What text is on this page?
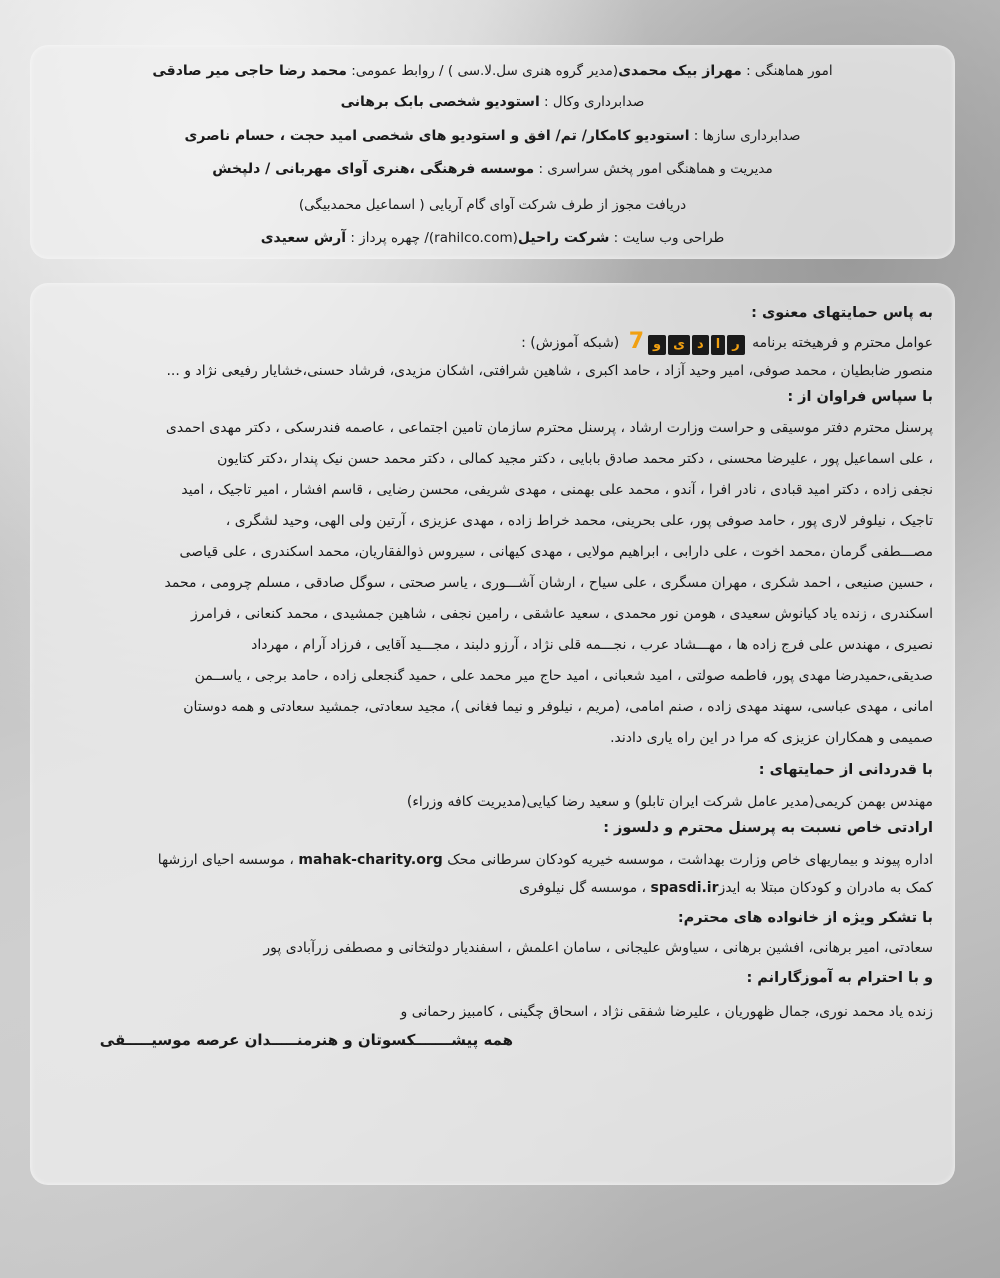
امور هماهنگی : مهراز بیک محمدی(مدیر گروه هنری سل.لا.سی ) / روابط عمومی: محمد رضا حاجی میر صادقی
صدابرداری وکال : استودیو شخصی بابک برهانی
صدابرداری سازها : استودیو کامکار/ تم/ افق و استودیو های شخصی امید حجت ، حسام ناصری
مدیریت و هماهنگی امور پخش سراسری : موسسه فرهنگی ،هنری آوای مهربانی / دلپخش
دریافت مجوز از طرف شرکت آوای گام آریایی ( اسماعیل محمدبیگی)
طراحی وب سایت : شرکت راحیل(rahilco.com)/ چهره پرداز : آرش سعیدی

به پاس حمایتهای معنوی :

عوامل محترم و فرهیخته برنامه 7 و ی د ا ر (شبکه آموزش) :
منصور ضابطیان ، محمد صوفی، امیر وحید آزاد ، حامد اکبری ، شاهین شرافتی، اشکان مزیدی، فرشاد حسنی،خشایار رفیعی نژاد و ...

با سپاس فراوان از :

پرسنل محترم دفتر موسیقی و حراست وزارت ارشاد ، پرسنل محترم سازمان تامین اجتماعی ، عاصمه فندرسکی ، دکتر مهدی احمدی
، علی اسماعیل پور ، علیرضا محسنی ، دکتر محمد صادق بابایی ، دکتر مجید کمالی ، دکتر محمد حسن نیک پندار ،دکتر کتایون
نجفی زاده ، دکتر امید قبادی ، نادر افرا ، آندو ، محمد علی بهمنی ، مهدی شریفی، محسن رضایی ، قاسم افشار ، امیر تاجیک ، امید
تاجیک ، نیلوفر لاری پور ، حامد صوفی پور، علی بحرینی، محمد خراط زاده ، مهدی عزیزی ، آرتین ولی الهی، وحید لشگری ،
مصـــطفی گرمان ،محمد اخوت ، علی دارابی ، ابراهیم مولایی ، مهدی کیهانی ، سیروس ذوالفقاریان، محمد اسکندری ، علی قیاصی
، حسین صنیعی ، احمد شکری ، مهران مسگری ، علی سیاح ، ارشان آشـــوری ، یاسر صحتی ، سوگل صادقی ، مسلم چرومی ، محمد
اسکندری ، زنده یاد کیانوش سعیدی ، هومن نور محمدی ، سعید عاشقی ، رامین نجفی ، شاهین جمشیدی ، محمد کنعانی ، فرامرز
نصیری ، مهندس علی فرج زاده ها ، مهـــشاد عرب ، نجـــمه قلی نژاد ، آرزو دلبند ، مجـــید آقایی ، فرزاد آرام ، مهرداد
صدیقی،حمیدرضا مهدی پور، فاطمه صولتی ، امید شعبانی ، امید حاج میر محمد علی ، حمید گنجعلی زاده ، حامد برجی ، یاســمن
امانی ، مهدی عباسی، سهند مهدی زاده ، صنم امامی، (مریم ، نیلوفر و نیما فغانی )، مجید سعادتی، جمشید سعادتی و همه دوستان
صمیمی و همکاران عزیزی که مرا در این راه یاری دادند.

با قدردانی از حمایتهای :

مهندس بهمن کریمی(مدیر عامل شرکت ایران تابلو) و سعید رضا کیایی(مدیریت کافه وزراء)

ارادتی خاص نسبت به پرسنل محترم و دلسوز :

اداره پیوند و بیماریهای خاص وزارت بهداشت ، موسسه خیریه کودکان سرطانی محک mahak-charity.org ، موسسه احیای ارزشها
کمک به مادران و کودکان مبتلا به ایدزspasdi.ir ، موسسه گل نیلوفری

با تشکر ویژه از خانواده های محترم:

سعادتی، امیر برهانی، افشین برهانی ، سیاوش علیجانی ، سامان اعلمش ، اسفندیار دولتخانی و مصطفی زرآبادی پور

و با احترام به آموزگارانم :

زنده یاد محمد نوری، جمال ظهوریان ، علیرضا شفقی نژاد ، اسحاق چگینی ، کامبیز رحمانی و
همه پیشـــــــکسوتان و هنرمنـــــدان عرصه موسیـــــقی
